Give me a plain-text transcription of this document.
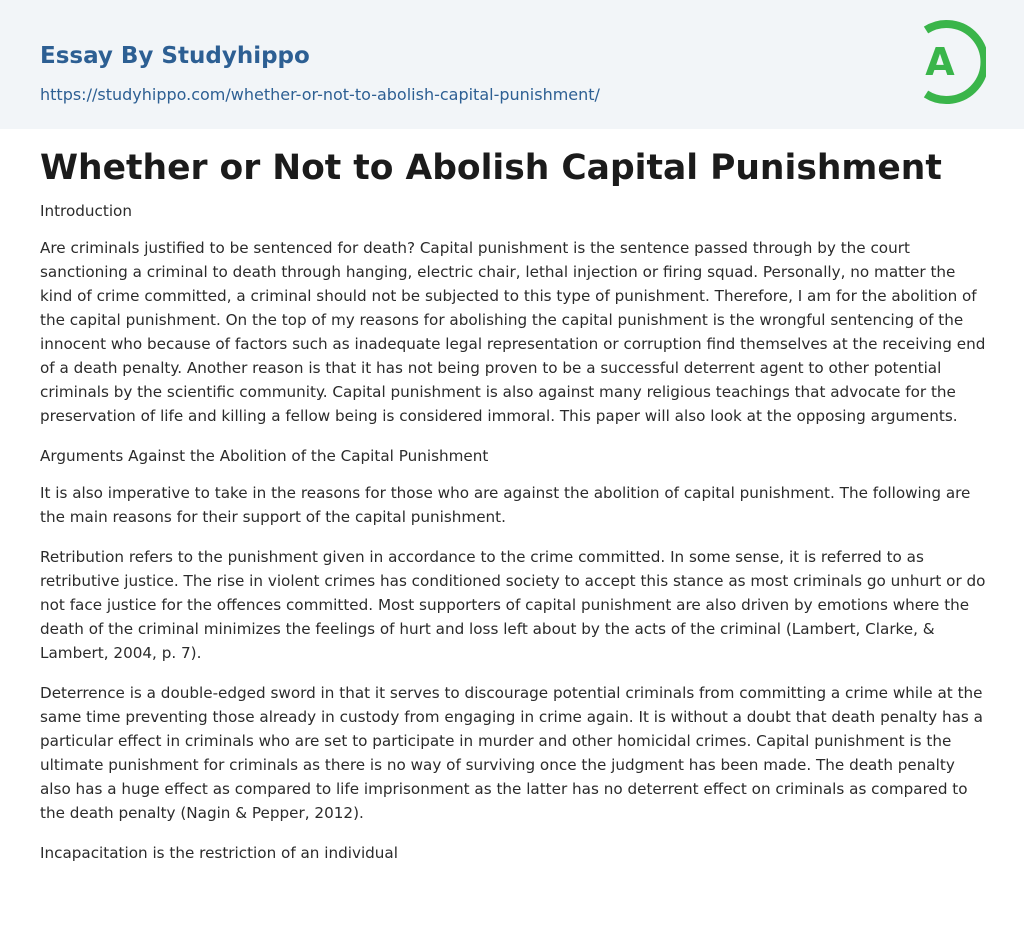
Essay By Studyhippo
https://studyhippo.com/whether-or-not-to-abolish-capital-punishment/
A
Whether or Not to Abolish Capital Punishment

Introduction

Are criminals justified to be sentenced for death? Capital punishment is the sentence passed through by the court sanctioning a criminal to death through hanging, electric chair, lethal injection or firing squad. Personally, no matter the kind of crime committed, a criminal should not be subjected to this type of punishment. Therefore, I am for the abolition of the capital punishment. On the top of my reasons for abolishing the capital punishment is the wrongful sentencing of the innocent who because of factors such as inadequate legal representation or corruption find themselves at the receiving end of a death penalty. Another reason is that it has not being proven to be a successful deterrent agent to other potential criminals by the scientific community. Capital punishment is also against many religious teachings that advocate for the preservation of life and killing a fellow being is considered immoral. This paper will also look at the opposing arguments.

Arguments Against the Abolition of the Capital Punishment

It is also imperative to take in the reasons for those who are against the abolition of capital punishment. The following are the main reasons for their support of the capital punishment.

Retribution refers to the punishment given in accordance to the crime committed. In some sense, it is referred to as retributive justice. The rise in violent crimes has conditioned society to accept this stance as most criminals go unhurt or do not face justice for the offences committed. Most supporters of capital punishment are also driven by emotions where the death of the criminal minimizes the feelings of hurt and loss left about by the acts of the criminal (Lambert, Clarke, & Lambert, 2004, p. 7).

Deterrence is a double-edged sword in that it serves to discourage potential criminals from committing a crime while at the same time preventing those already in custody from engaging in crime again. It is without a doubt that death penalty has a particular effect in criminals who are set to participate in murder and other homicidal crimes. Capital punishment is the ultimate punishment for criminals as there is no way of surviving once the judgment has been made. The death penalty also has a huge effect as compared to life imprisonment as the latter has no deterrent effect on criminals as compared to the death penalty (Nagin & Pepper, 2012).

Incapacitation is the restriction of an individual
